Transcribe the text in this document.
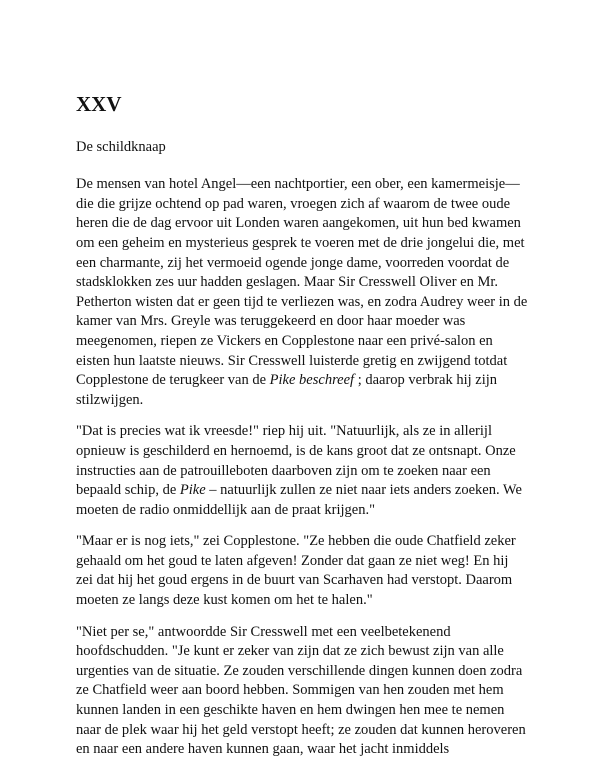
XXV
De schildknaap

De mensen van hotel Angel—een nachtportier, een ober, een kamermeisje—die die grijze ochtend op pad waren, vroegen zich af waarom de twee oude heren die de dag ervoor uit Londen waren aangekomen, uit hun bed kwamen om een geheim en mysterieus gesprek te voeren met de drie jongelui die, met een charmante, zij het vermoeid ogende jonge dame, voorreden voordat de stadsklokken zes uur hadden geslagen. Maar Sir Cresswell Oliver en Mr. Petherton wisten dat er geen tijd te verliezen was, en zodra Audrey weer in de kamer van Mrs. Greyle was teruggekeerd en door haar moeder was meegenomen, riepen ze Vickers en Copplestone naar een privé-salon en eisten hun laatste nieuws. Sir Cresswell luisterde gretig en zwijgend totdat Copplestone de terugkeer van de Pike beschreef ; daarop verbrak hij zijn stilzwijgen.

"Dat is precies wat ik vreesde!" riep hij uit. "Natuurlijk, als ze in allerijl opnieuw is geschilderd en hernoemd, is de kans groot dat ze ontsnapt. Onze instructies aan de patrouilleboten daarboven zijn om te zoeken naar een bepaald schip, de Pike – natuurlijk zullen ze niet naar iets anders zoeken. We moeten de radio onmiddellijk aan de praat krijgen."

"Maar er is nog iets," zei Copplestone. "Ze hebben die oude Chatfield zeker gehaald om het goud te laten afgeven! Zonder dat gaan ze niet weg! En hij zei dat hij het goud ergens in de buurt van Scarhaven had verstopt. Daarom moeten ze langs deze kust komen om het te halen."

"Niet per se," antwoordde Sir Cresswell met een veelbetekenend hoofdschudden. "Je kunt er zeker van zijn dat ze zich bewust zijn van alle urgenties van de situatie. Ze zouden verschillende dingen kunnen doen zodra ze Chatfield weer aan boord hebben. Sommigen van hen zouden met hem kunnen landen in een geschikte haven en hem dwingen hen mee te nemen naar de plek waar hij het geld verstopt heeft; ze zouden dat kunnen heroveren en naar een andere haven kunnen gaan, waar het jacht inmiddels
